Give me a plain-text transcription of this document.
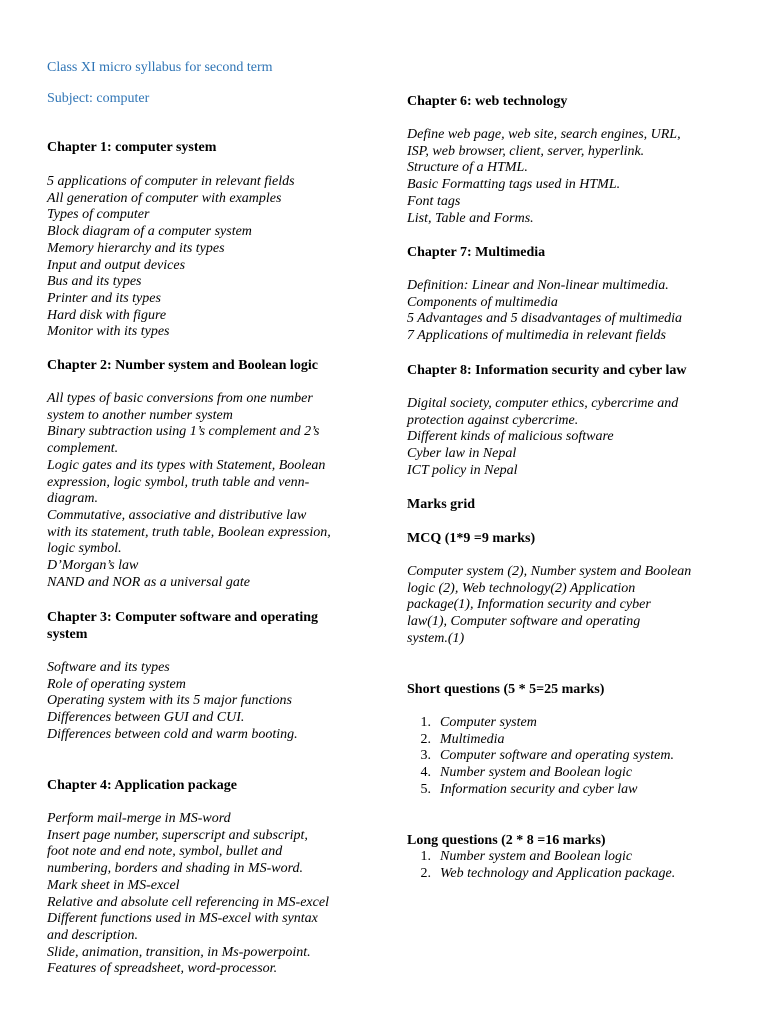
Class XI micro syllabus for second term
Subject: computer
Chapter 1: computer system
5 applications of computer in relevant fields
All generation of computer with examples
Types of computer
Block diagram of a computer system
Memory hierarchy and its types
Input and output devices
Bus and its types
Printer and its types
Hard disk with figure
Monitor with its types
Chapter 2: Number system and Boolean logic
All types of basic conversions from one number
system to another number system
Binary subtraction using 1’s complement and 2’s
complement.
Logic gates and its types with Statement, Boolean
expression, logic symbol, truth table and venn-
diagram.
Commutative, associative and distributive law
with its statement, truth table, Boolean expression,
logic symbol.
D’Morgan’s law
NAND and NOR as a universal gate
Chapter 3: Computer software and operating
system
Software and its types
Role of operating system
Operating system with its 5 major functions
Differences between GUI and CUI.
Differences between cold and warm booting.
Chapter 4: Application package
Perform mail-merge in MS-word
Insert page number, superscript and subscript,
foot note and end note, symbol, bullet and
numbering, borders and shading in MS-word.
Mark sheet in MS-excel
Relative and absolute cell referencing in MS-excel
Different functions used in MS-excel with syntax
and description.
Slide, animation, transition, in Ms-powerpoint.
Features of spreadsheet, word-processor.
Chapter 6: web technology
Define web page, web site, search engines, URL,
ISP, web browser, client, server, hyperlink.
Structure of a HTML.
Basic Formatting tags used in HTML.
Font tags
List, Table and Forms.
Chapter 7: Multimedia
Definition: Linear and Non-linear multimedia.
Components of multimedia
5 Advantages and 5 disadvantages of multimedia
7 Applications of multimedia in relevant fields
Chapter 8: Information security and cyber law
Digital society, computer ethics, cybercrime and
protection against cybercrime.
Different kinds of malicious software
Cyber law in Nepal
ICT policy in Nepal
Marks grid
MCQ (1*9 =9 marks)
Computer system (2), Number system and Boolean
logic (2), Web technology(2) Application
package(1), Information security and cyber
law(1), Computer software and operating
system.(1)
Short questions (5 * 5=25 marks)
1. Computer system
2. Multimedia
3. Computer software and operating system.
4. Number system and Boolean logic
5. Information security and cyber law
Long questions (2 * 8 =16 marks)
1. Number system and Boolean logic
2. Web technology and Application package.
